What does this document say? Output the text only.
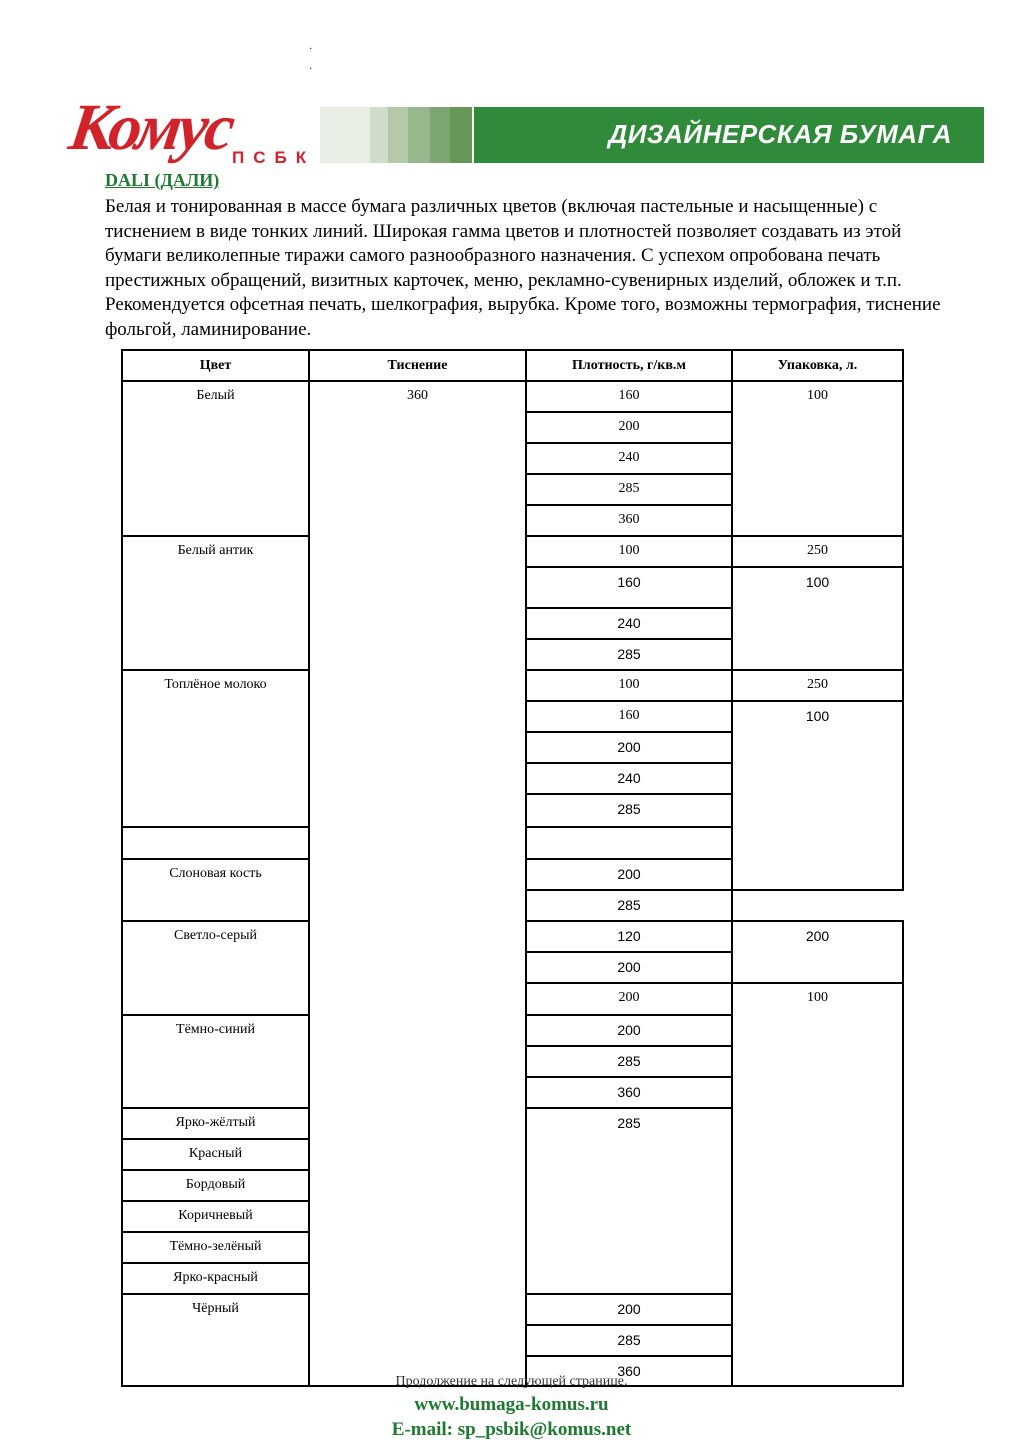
Комус
ПСБК
ДИЗАЙНЕРСКАЯ БУМАГА
·
·
DALI (ДАЛИ)
Белая и тонированная в массе бумага различных цветов (включая пастельные и насыщенные) с тиснением в виде тонких линий. Широкая гамма цветов и плотностей позволяет создавать из этой бумаги великолепные тиражи самого разнообразного назначения. С успехом опробована печать престижных обращений, визитных карточек, меню, рекламно-сувенирных изделий, обложек и т.п. Рекомендуется офсетная печать, шелкография, вырубка. Кроме того, возможны термография, тиснение фольгой, ламинирование.
Цвет	Тиснение	Плотность, г/кв.м	Упаковка, л.
Белый	360	160	100
		200	
		240	
		285	
		360	
Белый антик		100	250
		160	100
		240	
		285	
Топлёное молоко		100	250
		160	100
		200	
		240	
		285	

Слоновая кость		200	
		285	
Светло-серый		120	200
		200	
		200	100
Тёмно-синий		200	
		285	
		360	
Ярко-жёлтый		285	
Красный			
Бордовый			
Коричневый			
Тёмно-зелёный			
Ярко-красный			
Чёрный		200	
		285	
		360	
Продолжение на следующей странице.
www.bumaga-komus.ru
E-mail: sp_psbik@komus.net
